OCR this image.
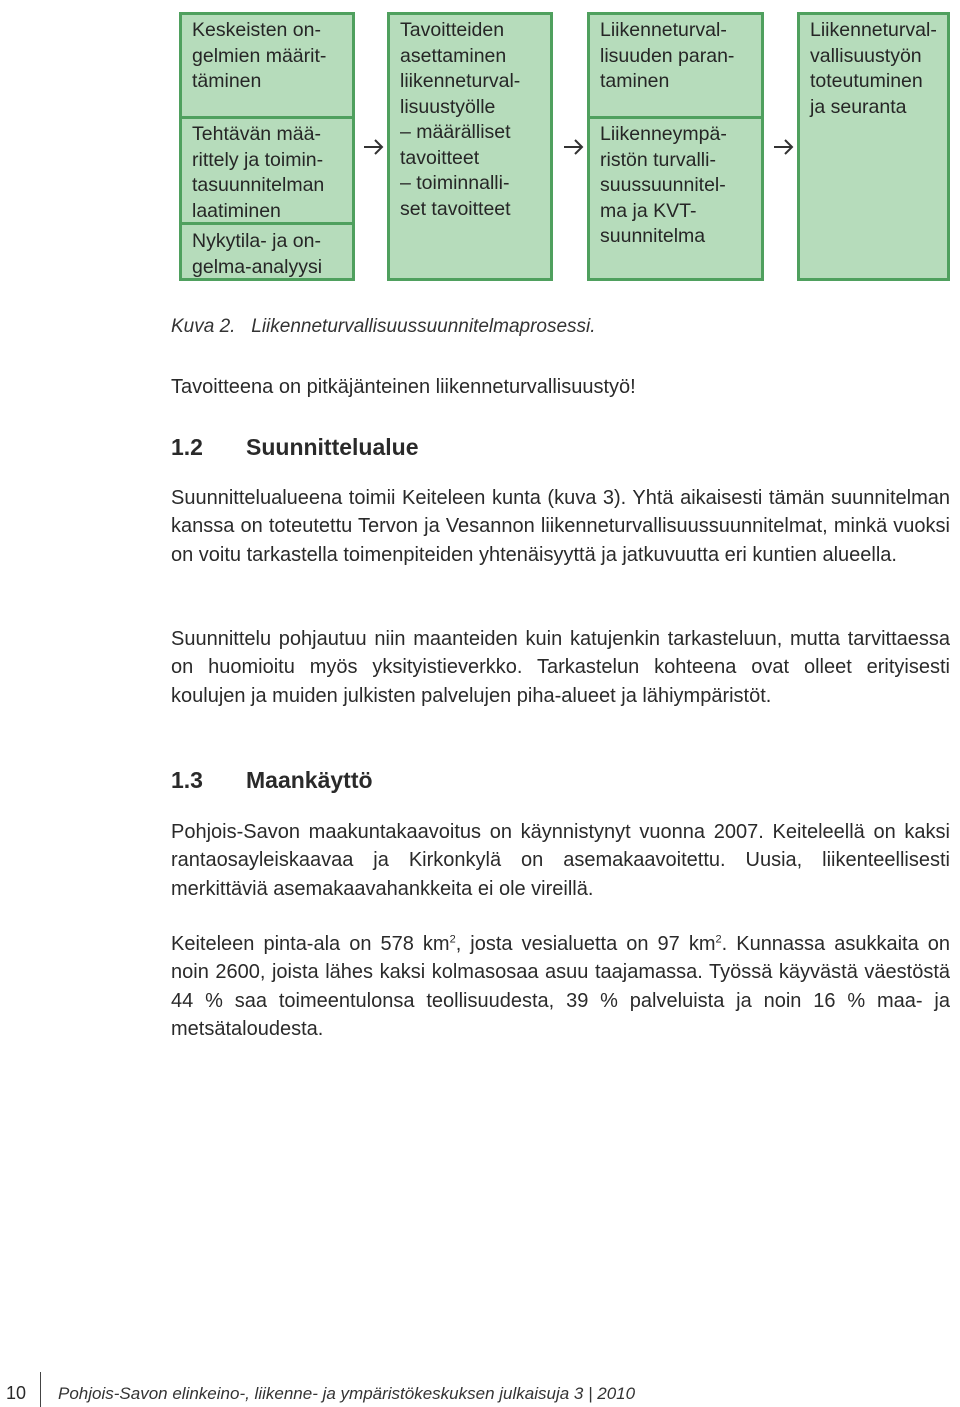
Keskeisten on-
gelmien määrit-
täminen
Tehtävän mää-
rittely ja toimin-
tasuunnitelman
laatiminen
Nykytila- ja on-
gelma-analyysi
Tavoitteiden
asettaminen
liikenneturval-
lisuustyölle
– määrälliset
tavoitteet
– toiminnalli-
set tavoitteet
Liikenneturval-
lisuuden paran-
taminen
Liikenneympä-
ristön turvalli-
suussuunnitel-
ma ja KVT-
suunnitelma
Liikenneturval-
vallisuustyön
toteutuminen
ja seuranta
Kuva 2.   Liikenneturvallisuussuunnitelmaprosessi.

Tavoitteena on pitkäjänteinen liikenneturvallisuustyö!

1.2 Suunnittelualue

Suunnittelualueena toimii Keiteleen kunta (kuva 3). Yhtä aikaisesti tämän suunnitelman kanssa on toteutettu Tervon ja Vesannon liikenneturvallisuussuunnitelmat, minkä vuoksi on voitu tarkastella toimenpiteiden yhtenäisyyttä ja jatkuvuutta eri kuntien alueella.

Suunnittelu pohjautuu niin maanteiden kuin katujenkin tarkasteluun, mutta tarvittaessa on huomioitu myös yksityistieverkko. Tarkastelun kohteena ovat olleet erityisesti koulujen ja muiden julkisten palvelujen piha-alueet ja lähiympäristöt.

1.3 Maankäyttö

Pohjois-Savon maakuntakaavoitus on käynnistynyt vuonna 2007. Keiteleellä on kaksi rantaosayleiskaavaa ja Kirkonkylä on asemakaavoitettu. Uusia, liikenteellisesti merkittäviä asemakaavahankkeita ei ole vireillä.

Keiteleen pinta-ala on 578 $km^2$, josta vesialuetta on 97 $km^2$. Kunnassa asukkaita on noin 2600, joista lähes kaksi kolmasosaa asuu taajamassa. Työssä käyvästä väestöstä 44 % saa toimeentulonsa teollisuudesta, 39 % palveluista ja noin 16 % maa- ja metsätaloudesta.

10 Pohjois-Savon elinkeino-, liikenne- ja ympäristökeskuksen julkaisuja 3 | 2010
